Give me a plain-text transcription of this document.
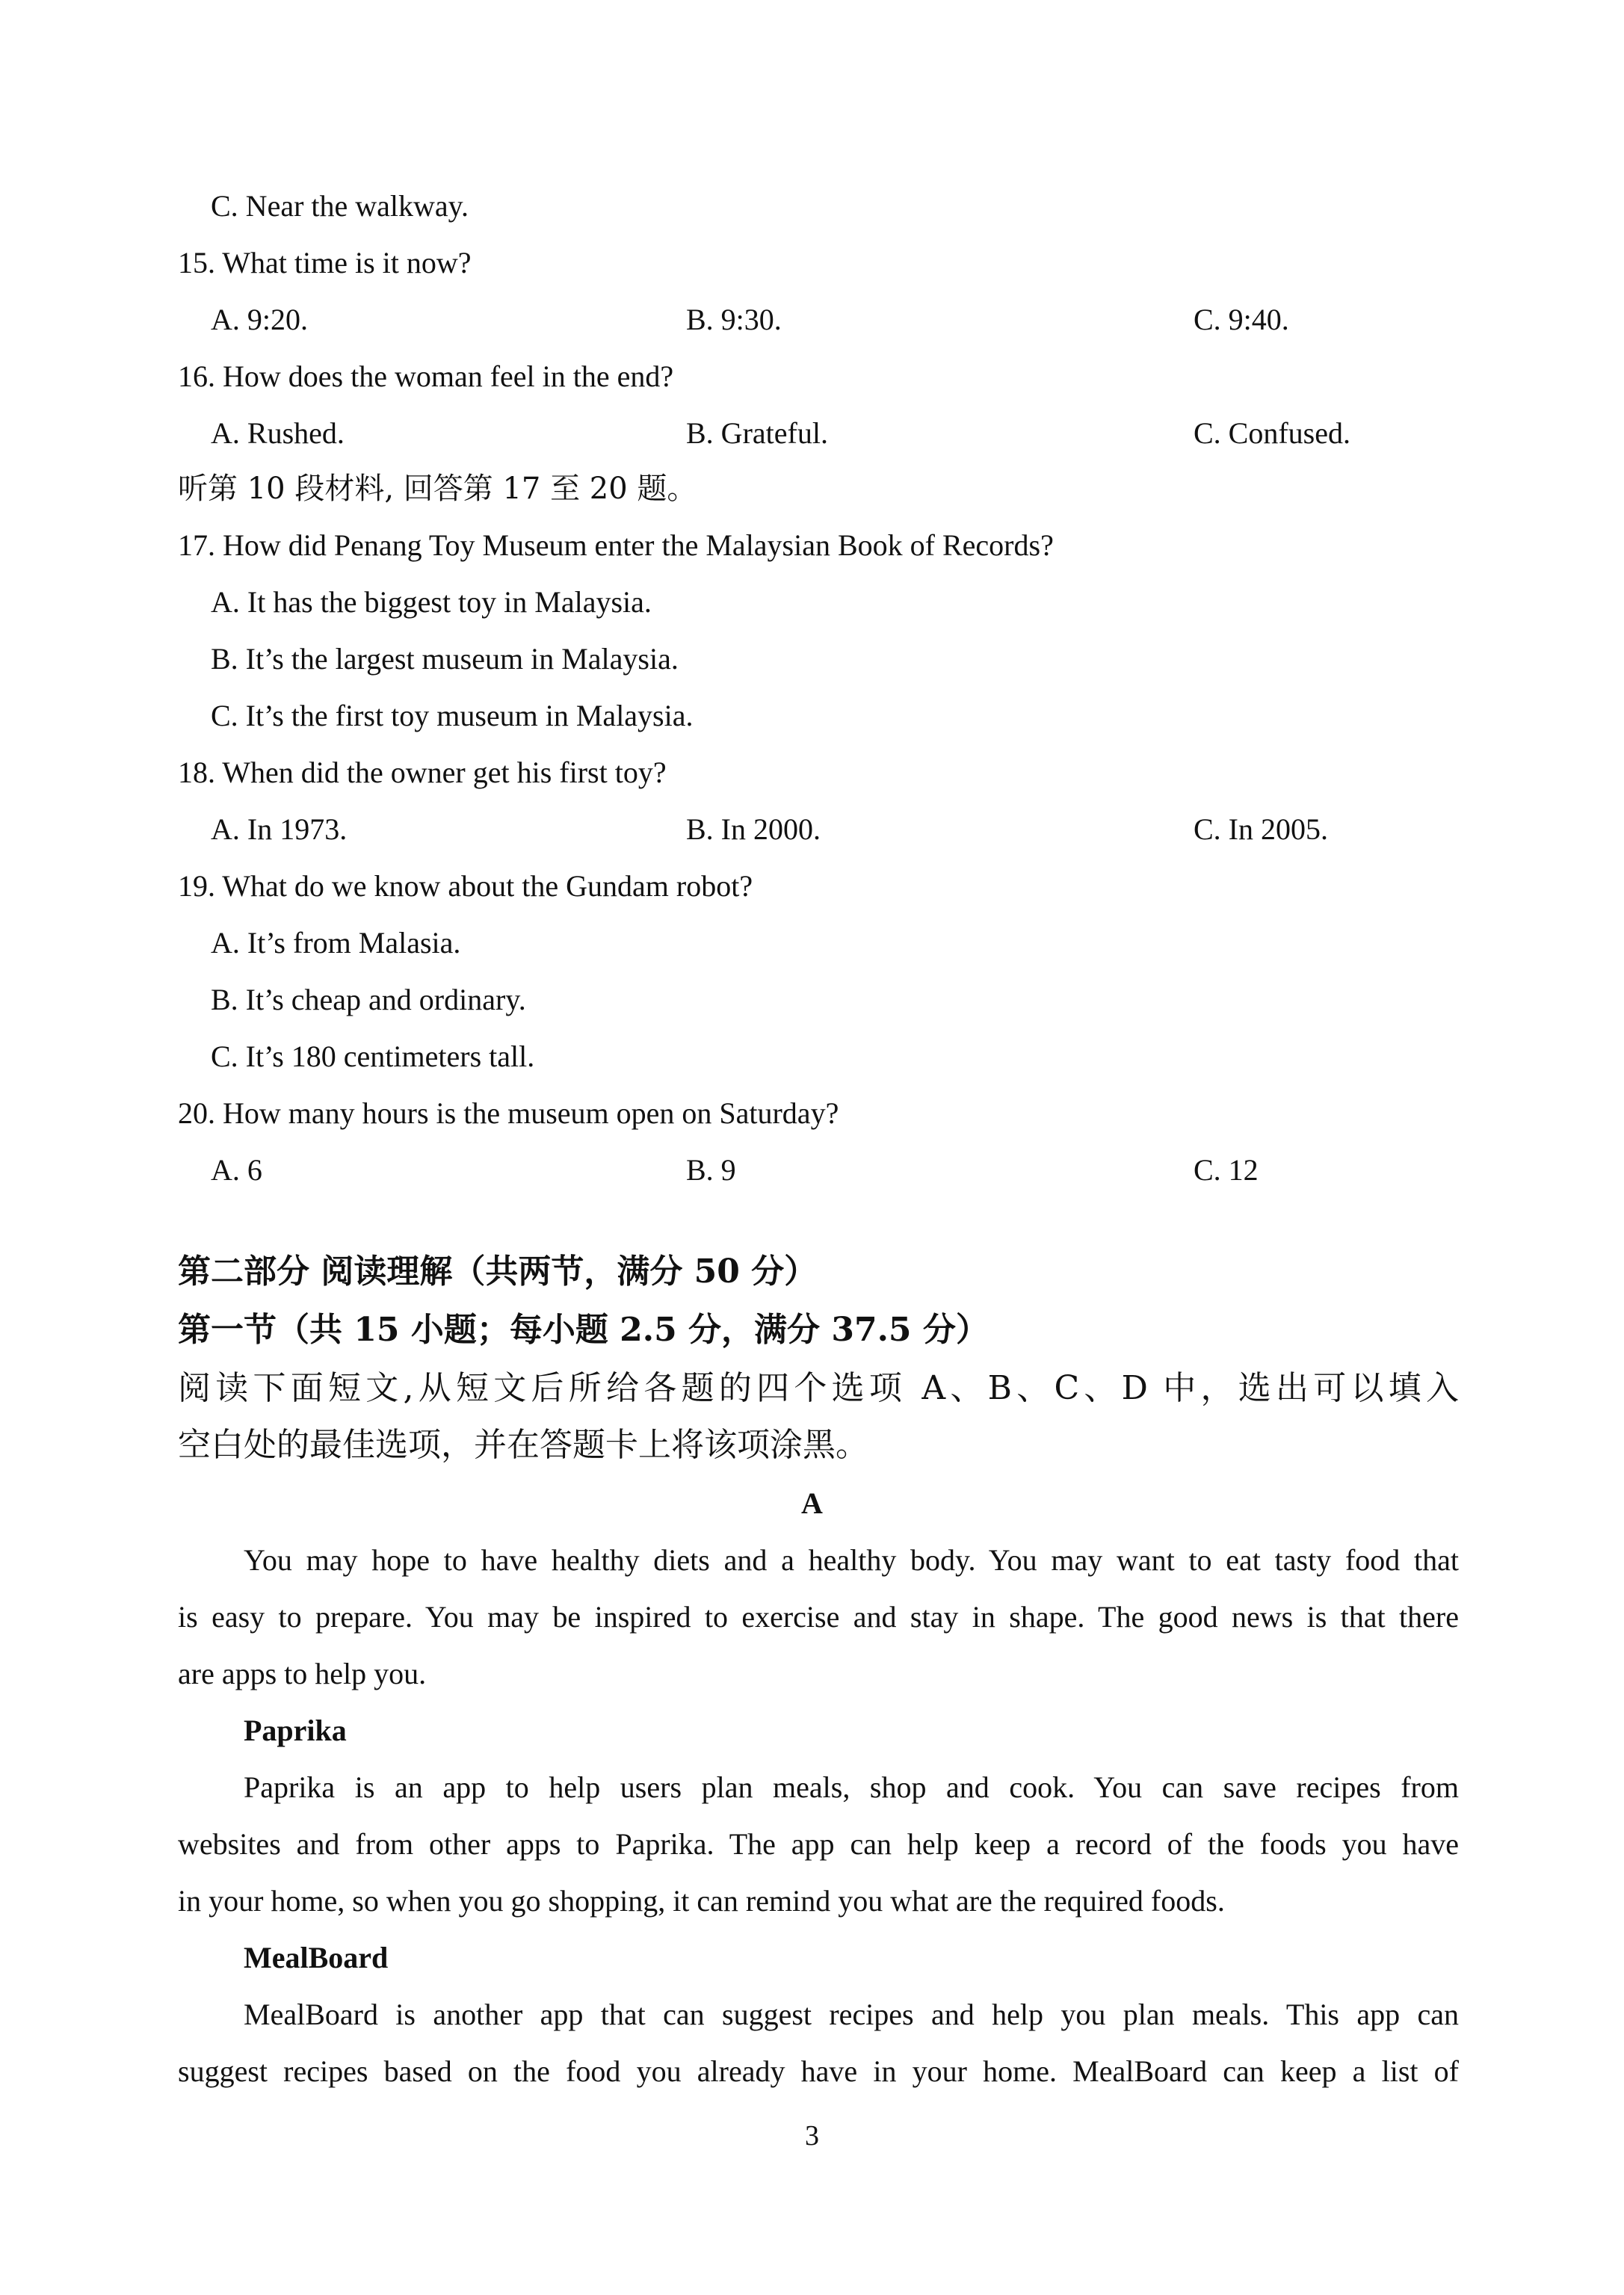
C. Near the walkway.
15. What time is it now?
A. 9:20.	B. 9:30.	C. 9:40.
16. How does the woman feel in the end?
A. Rushed.	B. Grateful.	C. Confused.
听第 10 段材料, 回答第 17 至 20 题。
17. How did Penang Toy Museum enter the Malaysian Book of Records?
A. It has the biggest toy in Malaysia.
B. It’s the largest museum in Malaysia.
C. It’s the first toy museum in Malaysia.
18. When did the owner get his first toy?
A. In 1973.	B. In 2000.	C. In 2005.
19. What do we know about the Gundam robot?
A. It’s from Malasia.
B. It’s cheap and ordinary.
C. It’s 180 centimeters tall.
20. How many hours is the museum open on Saturday?
A. 6	B. 9	C. 12
第二部分 阅读理解（共两节，满分 50 分）
第一节（共 15 小题；每小题 2.5 分，满分 37.5 分）
阅读下面短文,从短文后所给各题的四个选项 A、B、C、D 中，选出可以填入
空白处的最佳选项，并在答题卡上将该项涂黑。
A
You may hope to have healthy diets and a healthy body. You may want to eat tasty food that
is easy to prepare. You may be inspired to exercise and stay in shape. The good news is that there
are apps to help you.
Paprika
Paprika is an app to help users plan meals, shop and cook. You can save recipes from
websites and from other apps to Paprika. The app can help keep a record of the foods you have
in your home, so when you go shopping, it can remind you what are the required foods.
MealBoard
MealBoard is another app that can suggest recipes and help you plan meals. This app can
suggest recipes based on the food you already have in your home. MealBoard can keep a list of
3
